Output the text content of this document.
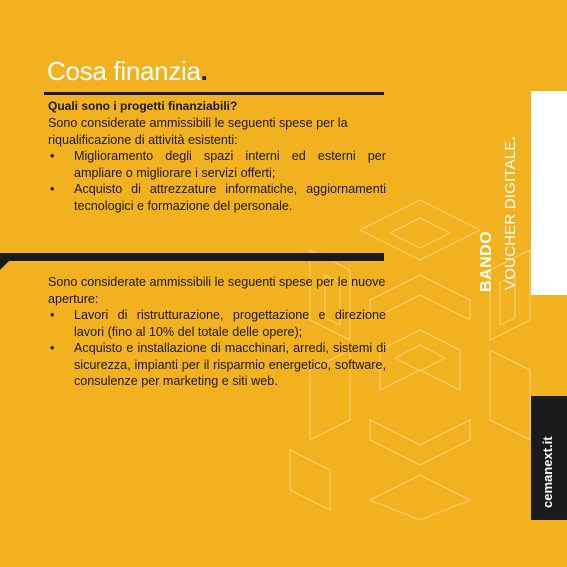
Cosa finanzia.
Quali sono i progetti finanziabili?

Sono considerate ammissibili le seguenti spese per la riqualificazione di attività esistenti:

• Miglioramento degli spazi interni ed esterni per ampliare o migliorare i servizi offerti;
• Acquisto di attrezzature informatiche, aggiornamenti tecnologici e formazione del personale.

Sono considerate ammissibili le seguenti spese per le nuove aperture:

• Lavori di ristrutturazione, progettazione e direzione lavori (fino al 10% del totale delle opere);
• Acquisto e installazione di macchinari, arredi, sistemi di sicurezza, impianti per il risparmio energetico, software, consulenze per marketing e siti web.
BANDO VOUCHER DIGITALE.
cemanext.it
